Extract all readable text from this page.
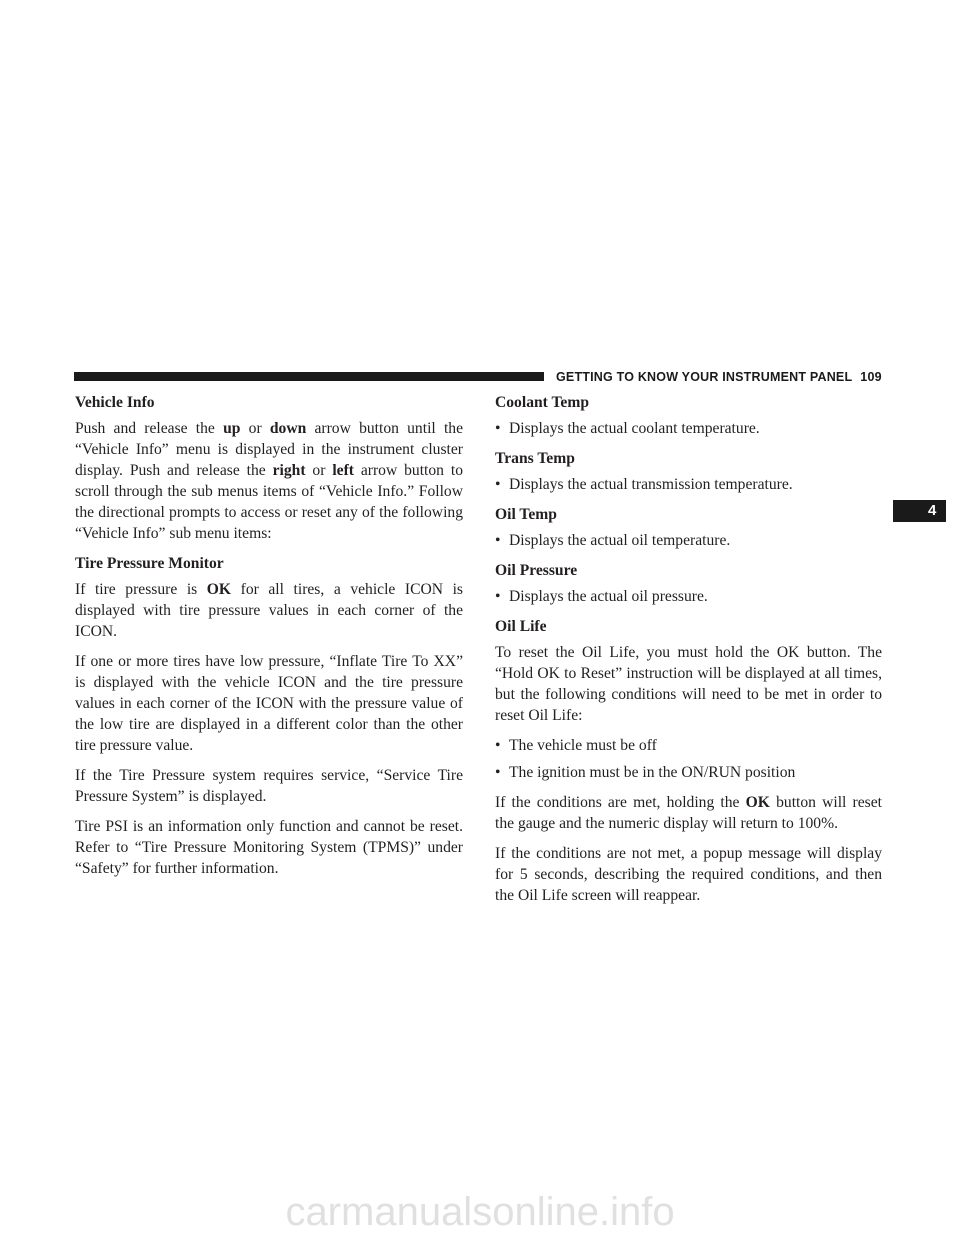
GETTING TO KNOW YOUR INSTRUMENT PANEL 109
4
Vehicle Info

Push and release the up or down arrow button until the “Vehicle Info” menu is displayed in the instrument cluster display. Push and release the right or left arrow button to scroll through the sub menus items of “Vehicle Info.” Follow the directional prompts to access or reset any of the following “Vehicle Info” sub menu items:

Tire Pressure Monitor

If tire pressure is OK for all tires, a vehicle ICON is displayed with tire pressure values in each corner of the ICON.

If one or more tires have low pressure, “Inflate Tire To XX” is displayed with the vehicle ICON and the tire pressure values in each corner of the ICON with the pressure value of the low tire are displayed in a different color than the other tire pressure value.

If the Tire Pressure system requires service, “Service Tire Pressure System” is displayed.

Tire PSI is an information only function and cannot be reset. Refer to “Tire Pressure Monitoring System (TPMS)” under “Safety” for further information.

Coolant Temp
• Displays the actual coolant temperature.
Trans Temp
• Displays the actual transmission temperature.
Oil Temp
• Displays the actual oil temperature.
Oil Pressure
• Displays the actual oil pressure.
Oil Life

To reset the Oil Life, you must hold the OK button. The “Hold OK to Reset” instruction will be displayed at all times, but the following conditions will need to be met in order to reset Oil Life:

• The vehicle must be off
• The ignition must be in the ON/RUN position

If the conditions are met, holding the OK button will reset the gauge and the numeric display will return to 100%.

If the conditions are not met, a popup message will display for 5 seconds, describing the required conditions, and then the Oil Life screen will reappear.

carmanualsonline.info
